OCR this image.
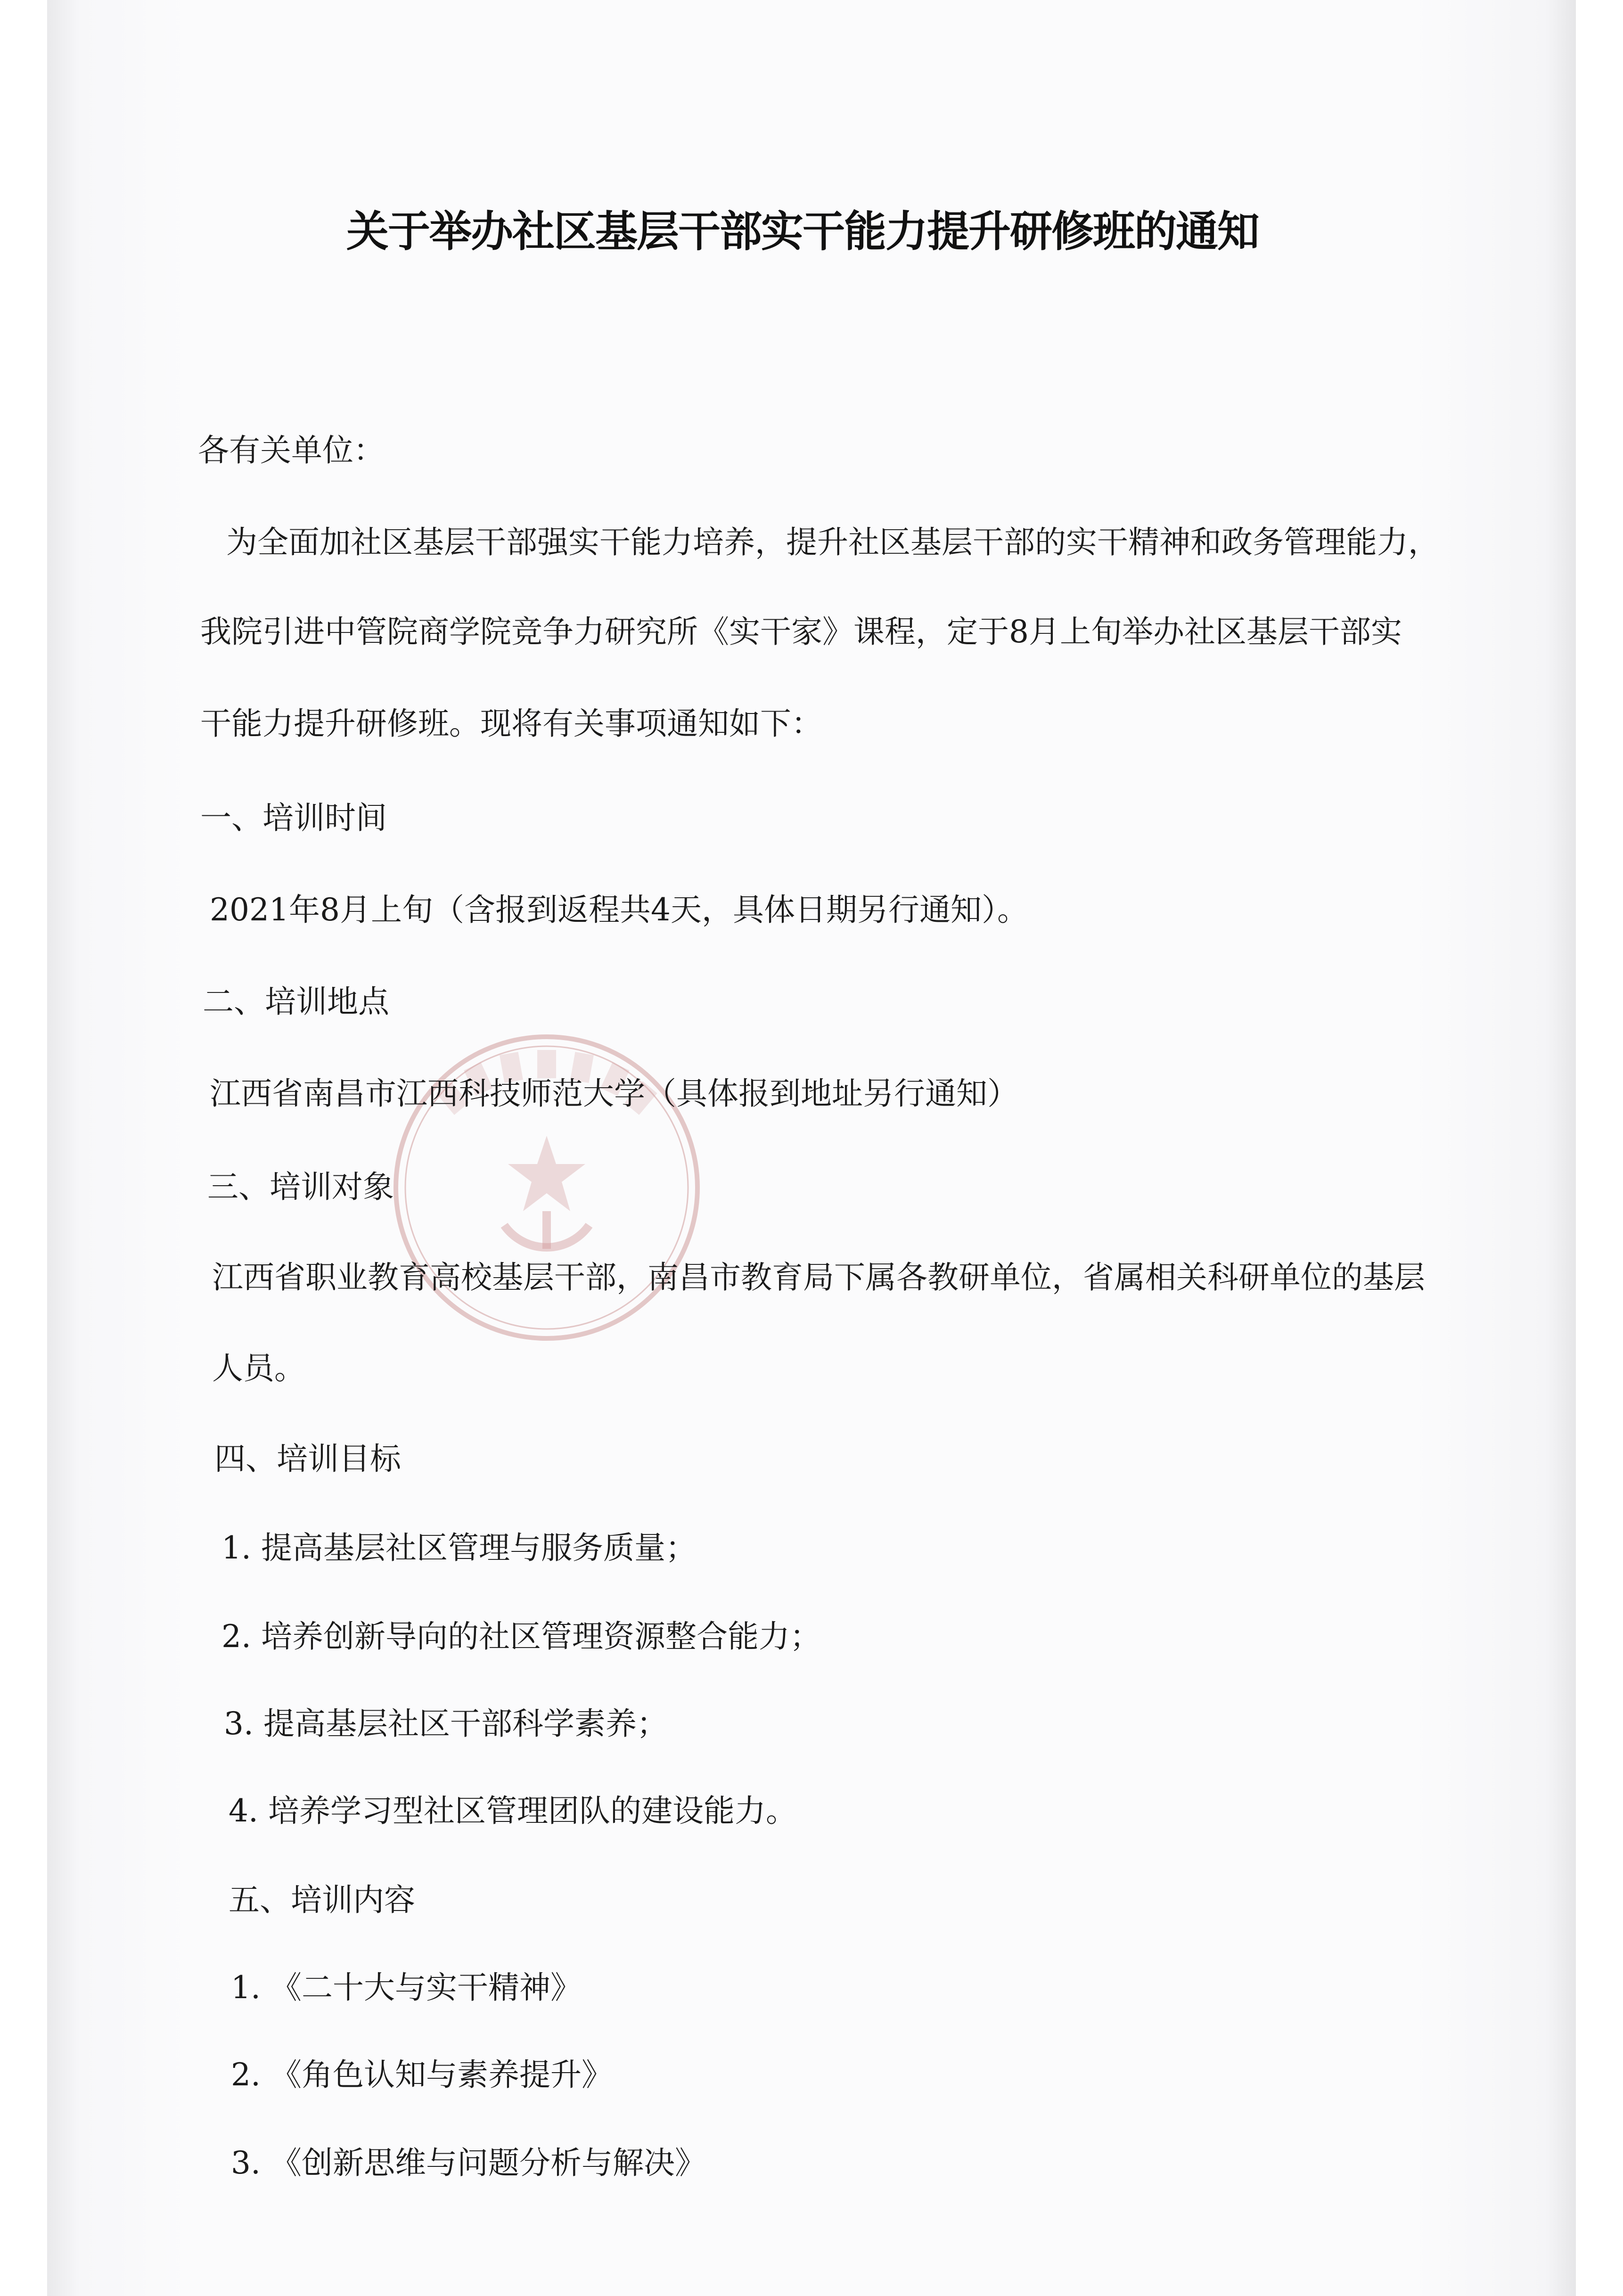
关于举办社区基层干部实干能力提升研修班的通知
各有关单位：
为全面加社区基层干部强实干能力培养，提升社区基层干部的实干精神和政务管理能力，
我院引进中管院商学院竞争力研究所《实干家》课程，定于8月上旬举办社区基层干部实
干能力提升研修班。现将有关事项通知如下：
一、培训时间
2021年8月上旬（含报到返程共4天，具体日期另行通知）。
二、培训地点
江西省南昌市江西科技师范大学（具体报到地址另行通知）
三、培训对象
江西省职业教育高校基层干部，南昌市教育局下属各教研单位，省属相关科研单位的基层
人员。
四、培训目标
1. 提高基层社区管理与服务质量；
2. 培养创新导向的社区管理资源整合能力；
3. 提高基层社区干部科学素养；
4. 培养学习型社区管理团队的建设能力。
五、培训内容
1. 《二十大与实干精神》
2. 《角色认知与素养提升》
3. 《创新思维与问题分析与解决》
